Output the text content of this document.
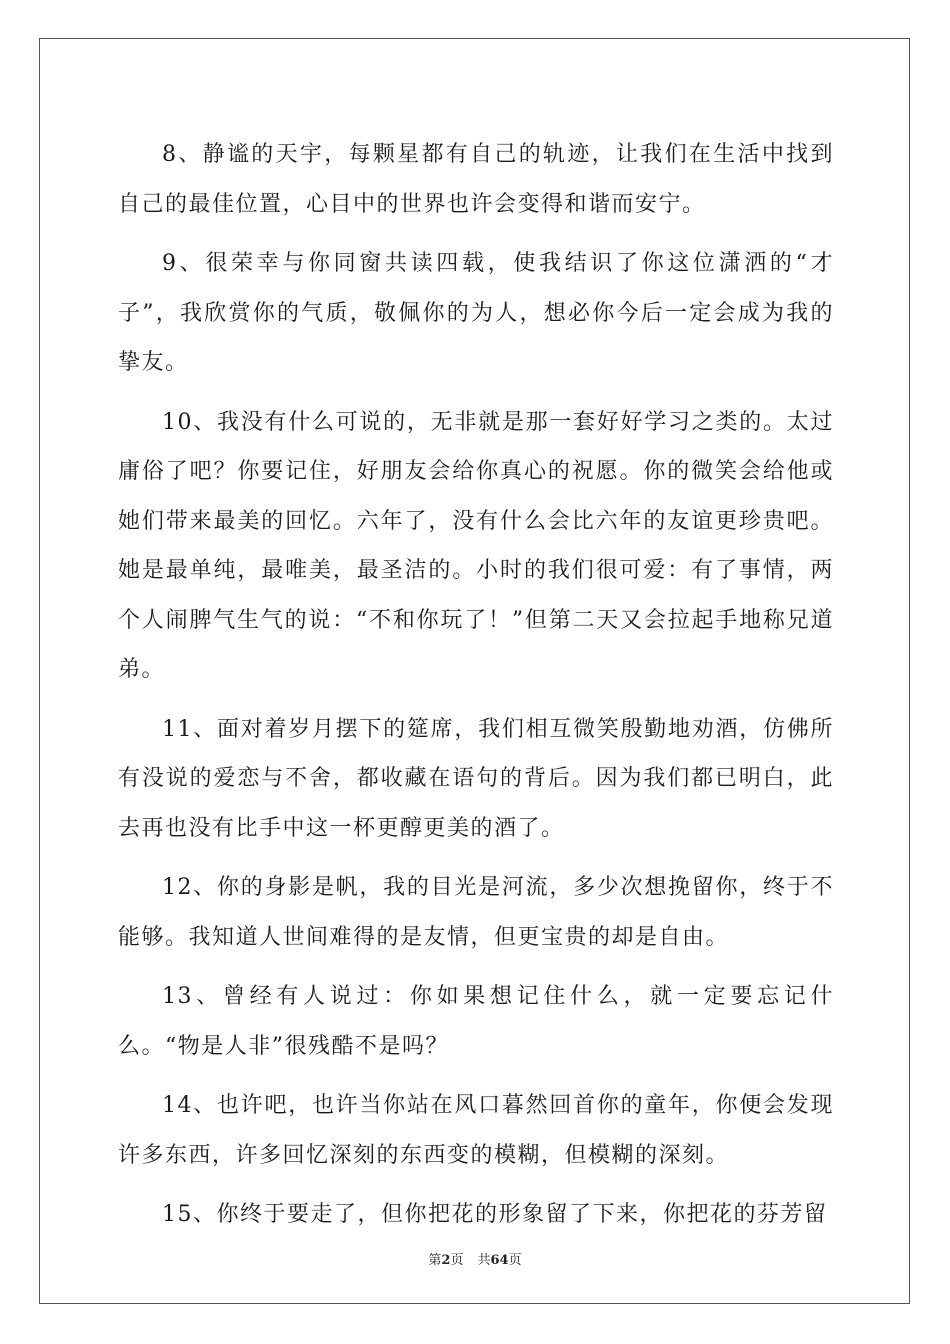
8、静谧的天宇，每颗星都有自己的轨迹，让我们在生活中找到自己的最佳位置，心目中的世界也许会变得和谐而安宁。

9、很荣幸与你同窗共读四载，使我结识了你这位潇洒的“才子”，我欣赏你的气质，敬佩你的为人，想必你今后一定会成为我的挚友。

10、我没有什么可说的，无非就是那一套好好学习之类的。太过庸俗了吧？你要记住，好朋友会给你真心的祝愿。你的微笑会给他或她们带来最美的回忆。六年了，没有什么会比六年的友谊更珍贵吧。她是最单纯，最唯美，最圣洁的。小时的我们很可爱：有了事情，两个人闹脾气生气的说：“不和你玩了！”但第二天又会拉起手地称兄道弟。

11、面对着岁月摆下的筵席，我们相互微笑殷勤地劝酒，仿佛所有没说的爱恋与不舍，都收藏在语句的背后。因为我们都已明白，此去再也没有比手中这一杯更醇更美的酒了。

12、你的身影是帆，我的目光是河流，多少次想挽留你，终于不能够。我知道人世间难得的是友情，但更宝贵的却是自由。

13、曾经有人说过：你如果想记住什么，就一定要忘记什么。“物是人非”很残酷不是吗？

14、也许吧，也许当你站在风口暮然回首你的童年，你便会发现许多东西，许多回忆深刻的东西变的模糊，但模糊的深刻。

15、你终于要走了，但你把花的形象留了下来，你把花的芬芳留

第2页 共64页
